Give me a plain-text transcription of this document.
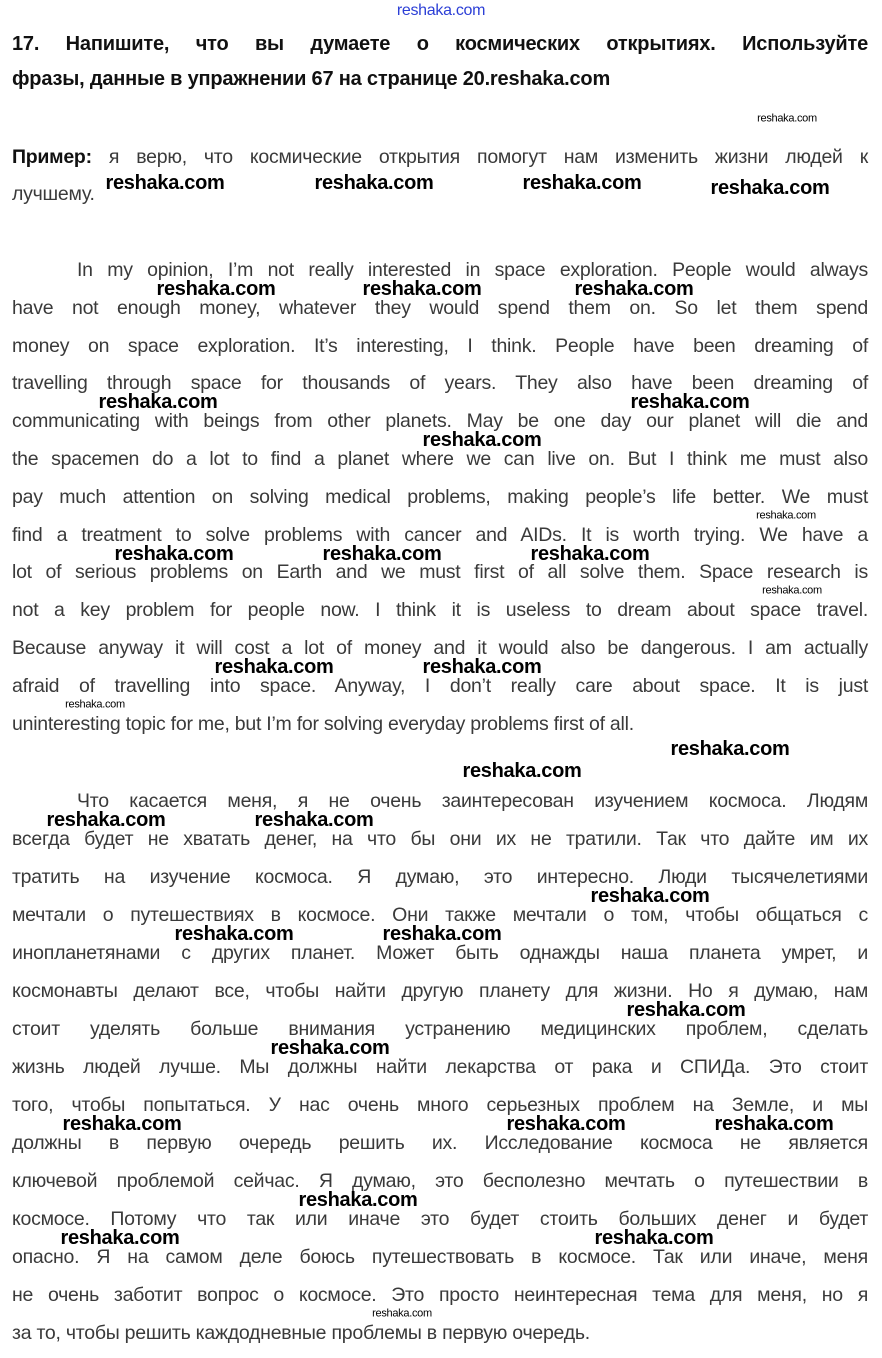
17. Напишите, что вы думаете о космических открытиях. Используйте
фразы, данные в упражнении 67 на странице 20.reshaka.com
Пример: я верю, что космические открытия помогут нам изменить жизни людей к
лучшему.
In my opinion, I’m not really interested in space exploration. People would always
have not enough money, whatever they would spend them on. So let them spend
money on space exploration. It’s interesting, I think. People have been dreaming of
travelling through space for thousands of years. They also have been dreaming of
communicating with beings from other planets. May be one day our planet will die and
the spacemen do a lot to find a planet where we can live on. But I think me must also
pay much attention on solving medical problems, making people’s life better. We must
find a treatment to solve problems with cancer and AIDs. It is worth trying. We have a
lot of serious problems on Earth and we must first of all solve them. Space research is
not a key problem for people now. I think it is useless to dream about space travel.
Because anyway it will cost a lot of money and it would also be dangerous. I am actually
afraid of travelling into space. Anyway, I don’t really care about space. It is just
uninteresting topic for me, but I’m for solving everyday problems first of all.
Что касается меня, я не очень заинтересован изучением космоса. Людям
всегда будет не хватать денег, на что бы они их не тратили. Так что дайте им их
тратить на изучение космоса. Я думаю, это интересно. Люди тысячелетиями
мечтали о путешествиях в космосе. Они также мечтали о том, чтобы общаться с
инопланетянами с других планет. Может быть однажды наша планета умрет, и
космонавты делают все, чтобы найти другую планету для жизни. Но я думаю, нам
стоит уделять больше внимания устранению медицинских проблем, сделать
жизнь людей лучше. Мы должны найти лекарства от рака и СПИДа. Это стоит
того, чтобы попытаться. У нас очень много серьезных проблем на Земле, и мы
должны в первую очередь решить их. Исследование космоса не является
ключевой проблемой сейчас. Я думаю, это бесполезно мечтать о путешествии в
космосе. Потому что так или иначе это будет стоить больших денег и будет
опасно. Я на самом деле боюсь путешествовать в космосе. Так или иначе, меня
не очень заботит вопрос о космосе. Это просто неинтересная тема для меня, но я
за то, чтобы решить каждодневные проблемы в первую очередь.
reshaka.com	reshaka.com	reshaka.com
reshaka.com	reshaka.com	reshaka.com
reshaka.com	reshaka.com
reshaka.com
reshaka.com	reshaka.com	reshaka.com
reshaka.com	reshaka.com
reshaka.com
reshaka.com
reshaka.com	reshaka.com
reshaka.com
reshaka.com	reshaka.com
reshaka.com
reshaka.com
reshaka.com	reshaka.com	reshaka.com
reshaka.com
reshaka.com	reshaka.com
reshaka.com
reshaka.com
reshaka.com
reshaka.com
reshaka.com
reshaka.com
reshaka.com
